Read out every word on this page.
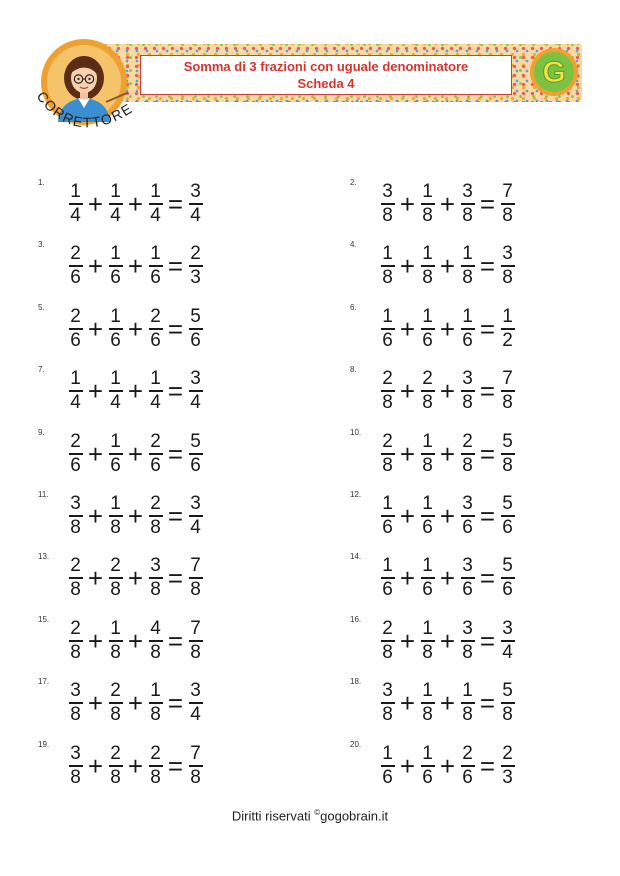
Somma di 3 frazioni con uguale denominatore
Scheda 4	G
CORRETTORE
1. $\frac{1}{4} + \frac{1}{4} + \frac{1}{4} = \frac{3}{4}$	2. $\frac{3}{8} + \frac{1}{8} + \frac{3}{8} = \frac{7}{8}$
3. $\frac{2}{6} + \frac{1}{6} + \frac{1}{6} = \frac{2}{3}$	4. $\frac{1}{8} + \frac{1}{8} + \frac{1}{8} = \frac{3}{8}$
5. $\frac{2}{6} + \frac{1}{6} + \frac{2}{6} = \frac{5}{6}$	6. $\frac{1}{6} + \frac{1}{6} + \frac{1}{6} = \frac{1}{2}$
7. $\frac{1}{4} + \frac{1}{4} + \frac{1}{4} = \frac{3}{4}$	8. $\frac{2}{8} + \frac{2}{8} + \frac{3}{8} = \frac{7}{8}$
9. $\frac{2}{6} + \frac{1}{6} + \frac{2}{6} = \frac{5}{6}$	10. $\frac{2}{8} + \frac{1}{8} + \frac{2}{8} = \frac{5}{8}$
11. $\frac{3}{8} + \frac{1}{8} + \frac{2}{8} = \frac{3}{4}$	12. $\frac{1}{6} + \frac{1}{6} + \frac{3}{6} = \frac{5}{6}$
13. $\frac{2}{8} + \frac{2}{8} + \frac{3}{8} = \frac{7}{8}$	14. $\frac{1}{6} + \frac{1}{6} + \frac{3}{6} = \frac{5}{6}$
15. $\frac{2}{8} + \frac{1}{8} + \frac{4}{8} = \frac{7}{8}$	16. $\frac{2}{8} + \frac{1}{8} + \frac{3}{8} = \frac{3}{4}$
17. $\frac{3}{8} + \frac{2}{8} + \frac{1}{8} = \frac{3}{4}$	18. $\frac{3}{8} + \frac{1}{8} + \frac{1}{8} = \frac{5}{8}$
19. $\frac{3}{8} + \frac{2}{8} + \frac{2}{8} = \frac{7}{8}$	20. $\frac{1}{6} + \frac{1}{6} + \frac{2}{6} = \frac{2}{3}$
Diritti riservati ©gogobrain.it
